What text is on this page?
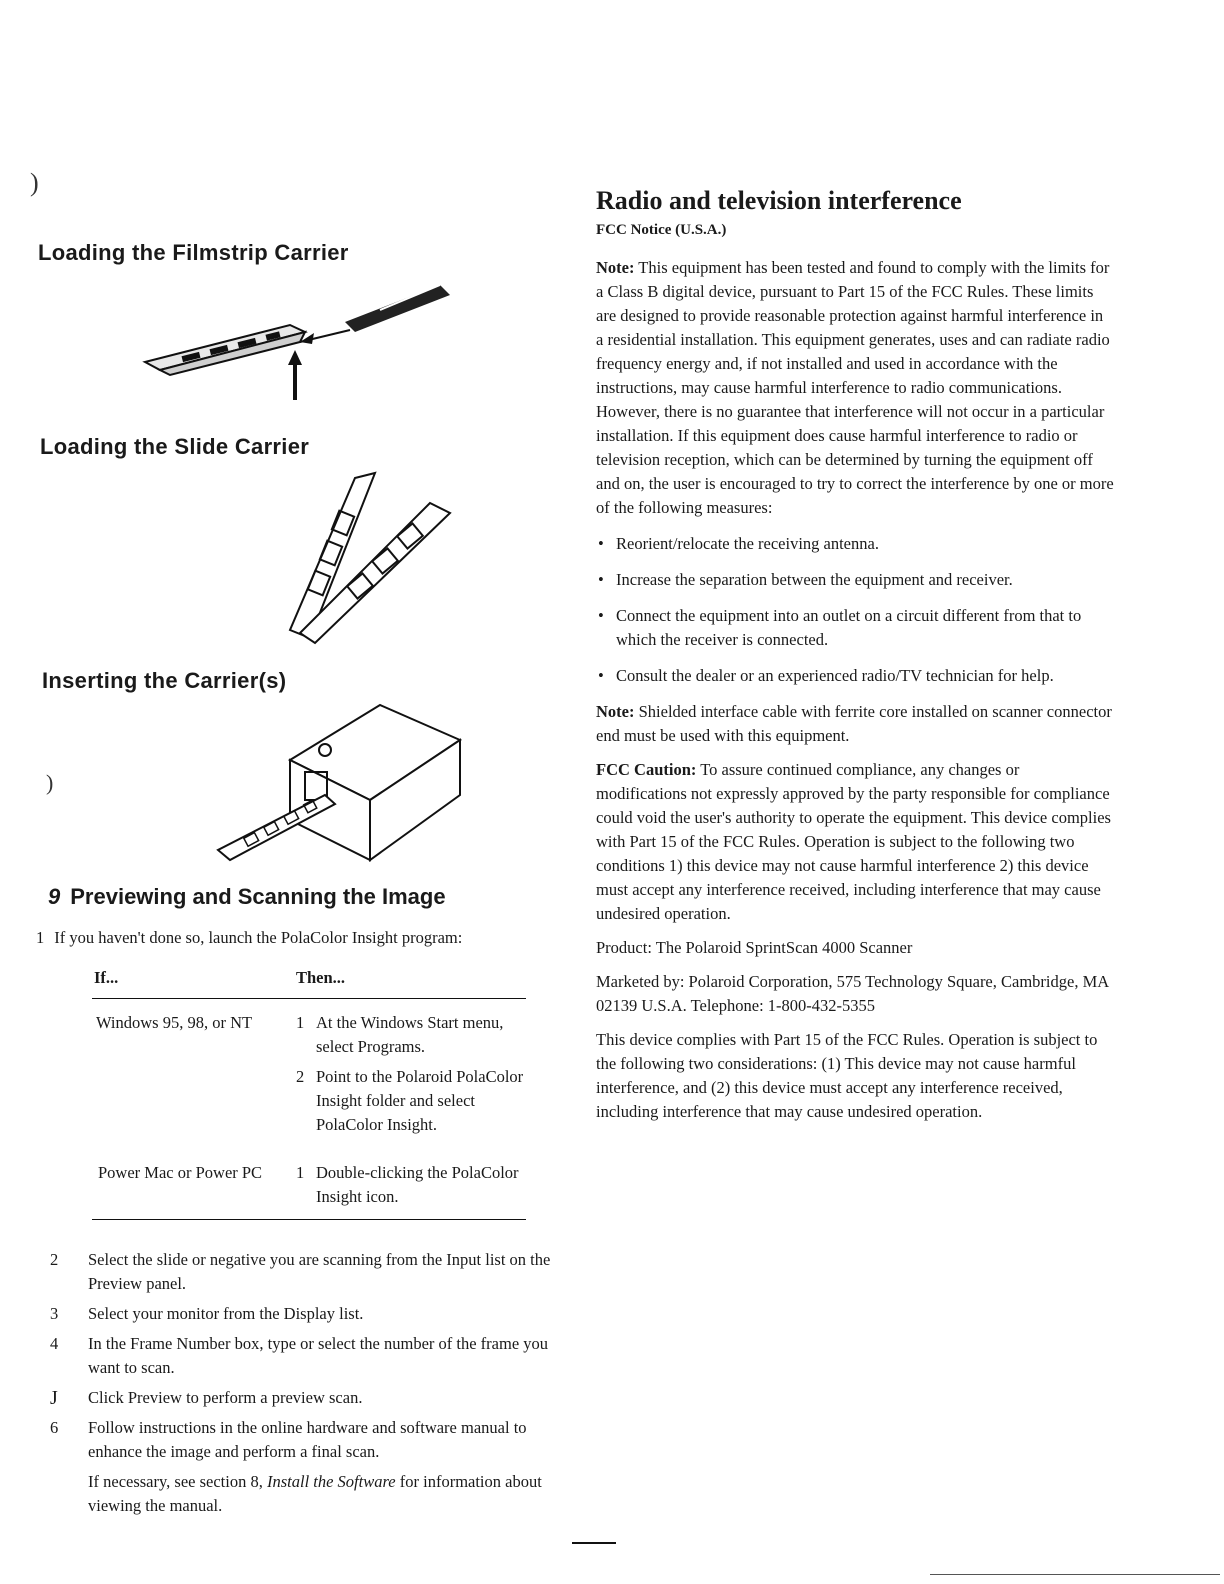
)
Loading the Filmstrip Carrier
Loading the Slide Carrier
Inserting the Carrier(s)
)
9 Previewing and Scanning the Image
1 If you haven't done so, launch the PolaColor Insight program:
If...	Then...
Windows 95, 98, or NT	1 At the Windows Start menu, select Programs.
2 Point to the Polaroid PolaColor Insight folder and select PolaColor Insight.

Power Mac or Power PC	1 Double-clicking the PolaColor Insight icon.
2	Select the slide or negative you are scanning from the Input list on the Preview panel.
3	Select your monitor from the Display list.
4	In the Frame Number box, type or select the number of the frame you want to scan.
J	Click Preview to perform a preview scan.
6	Follow instructions in the online hardware and software manual to enhance the image and perform a final scan.
If necessary, see section 8, Install the Software for information about viewing the manual.
Radio and television interference
FCC Notice (U.S.A.)

Note: This equipment has been tested and found to comply with the limits for a Class B digital device, pursuant to Part 15 of the FCC Rules. These limits are designed to provide reasonable protection against harmful interference in a residential installation. This equipment generates, uses and can radiate radio frequency energy and, if not installed and used in accordance with the instructions, may cause harmful interference to radio communications. However, there is no guarantee that interference will not occur in a particular installation. If this equipment does cause harmful interference to radio or television reception, which can be determined by turning the equipment off and on, the user is encouraged to try to correct the interference by one or more of the following measures:

• Reorient/relocate the receiving antenna.
• Increase the separation between the equipment and receiver.
• Connect the equipment into an outlet on a circuit different from that to which the receiver is connected.
• Consult the dealer or an experienced radio/TV technician for help.

Note: Shielded interface cable with ferrite core installed on scanner connector end must be used with this equipment.

FCC Caution: To assure continued compliance, any changes or modifications not expressly approved by the party responsible for compliance could void the user's authority to operate the equipment. This device complies with Part 15 of the FCC Rules. Operation is subject to the following two conditions 1) this device may not cause harmful interference 2) this device must accept any interference received, including interference that may cause undesired operation.

Product: The Polaroid SprintScan 4000 Scanner

Marketed by: Polaroid Corporation, 575 Technology Square, Cambridge, MA 02139 U.S.A. Telephone: 1-800-432-5355

This device complies with Part 15 of the FCC Rules. Operation is subject to the following two considerations: (1) This device may not cause harmful interference, and (2) this device must accept any interference received, including interference that may cause undesired operation.
